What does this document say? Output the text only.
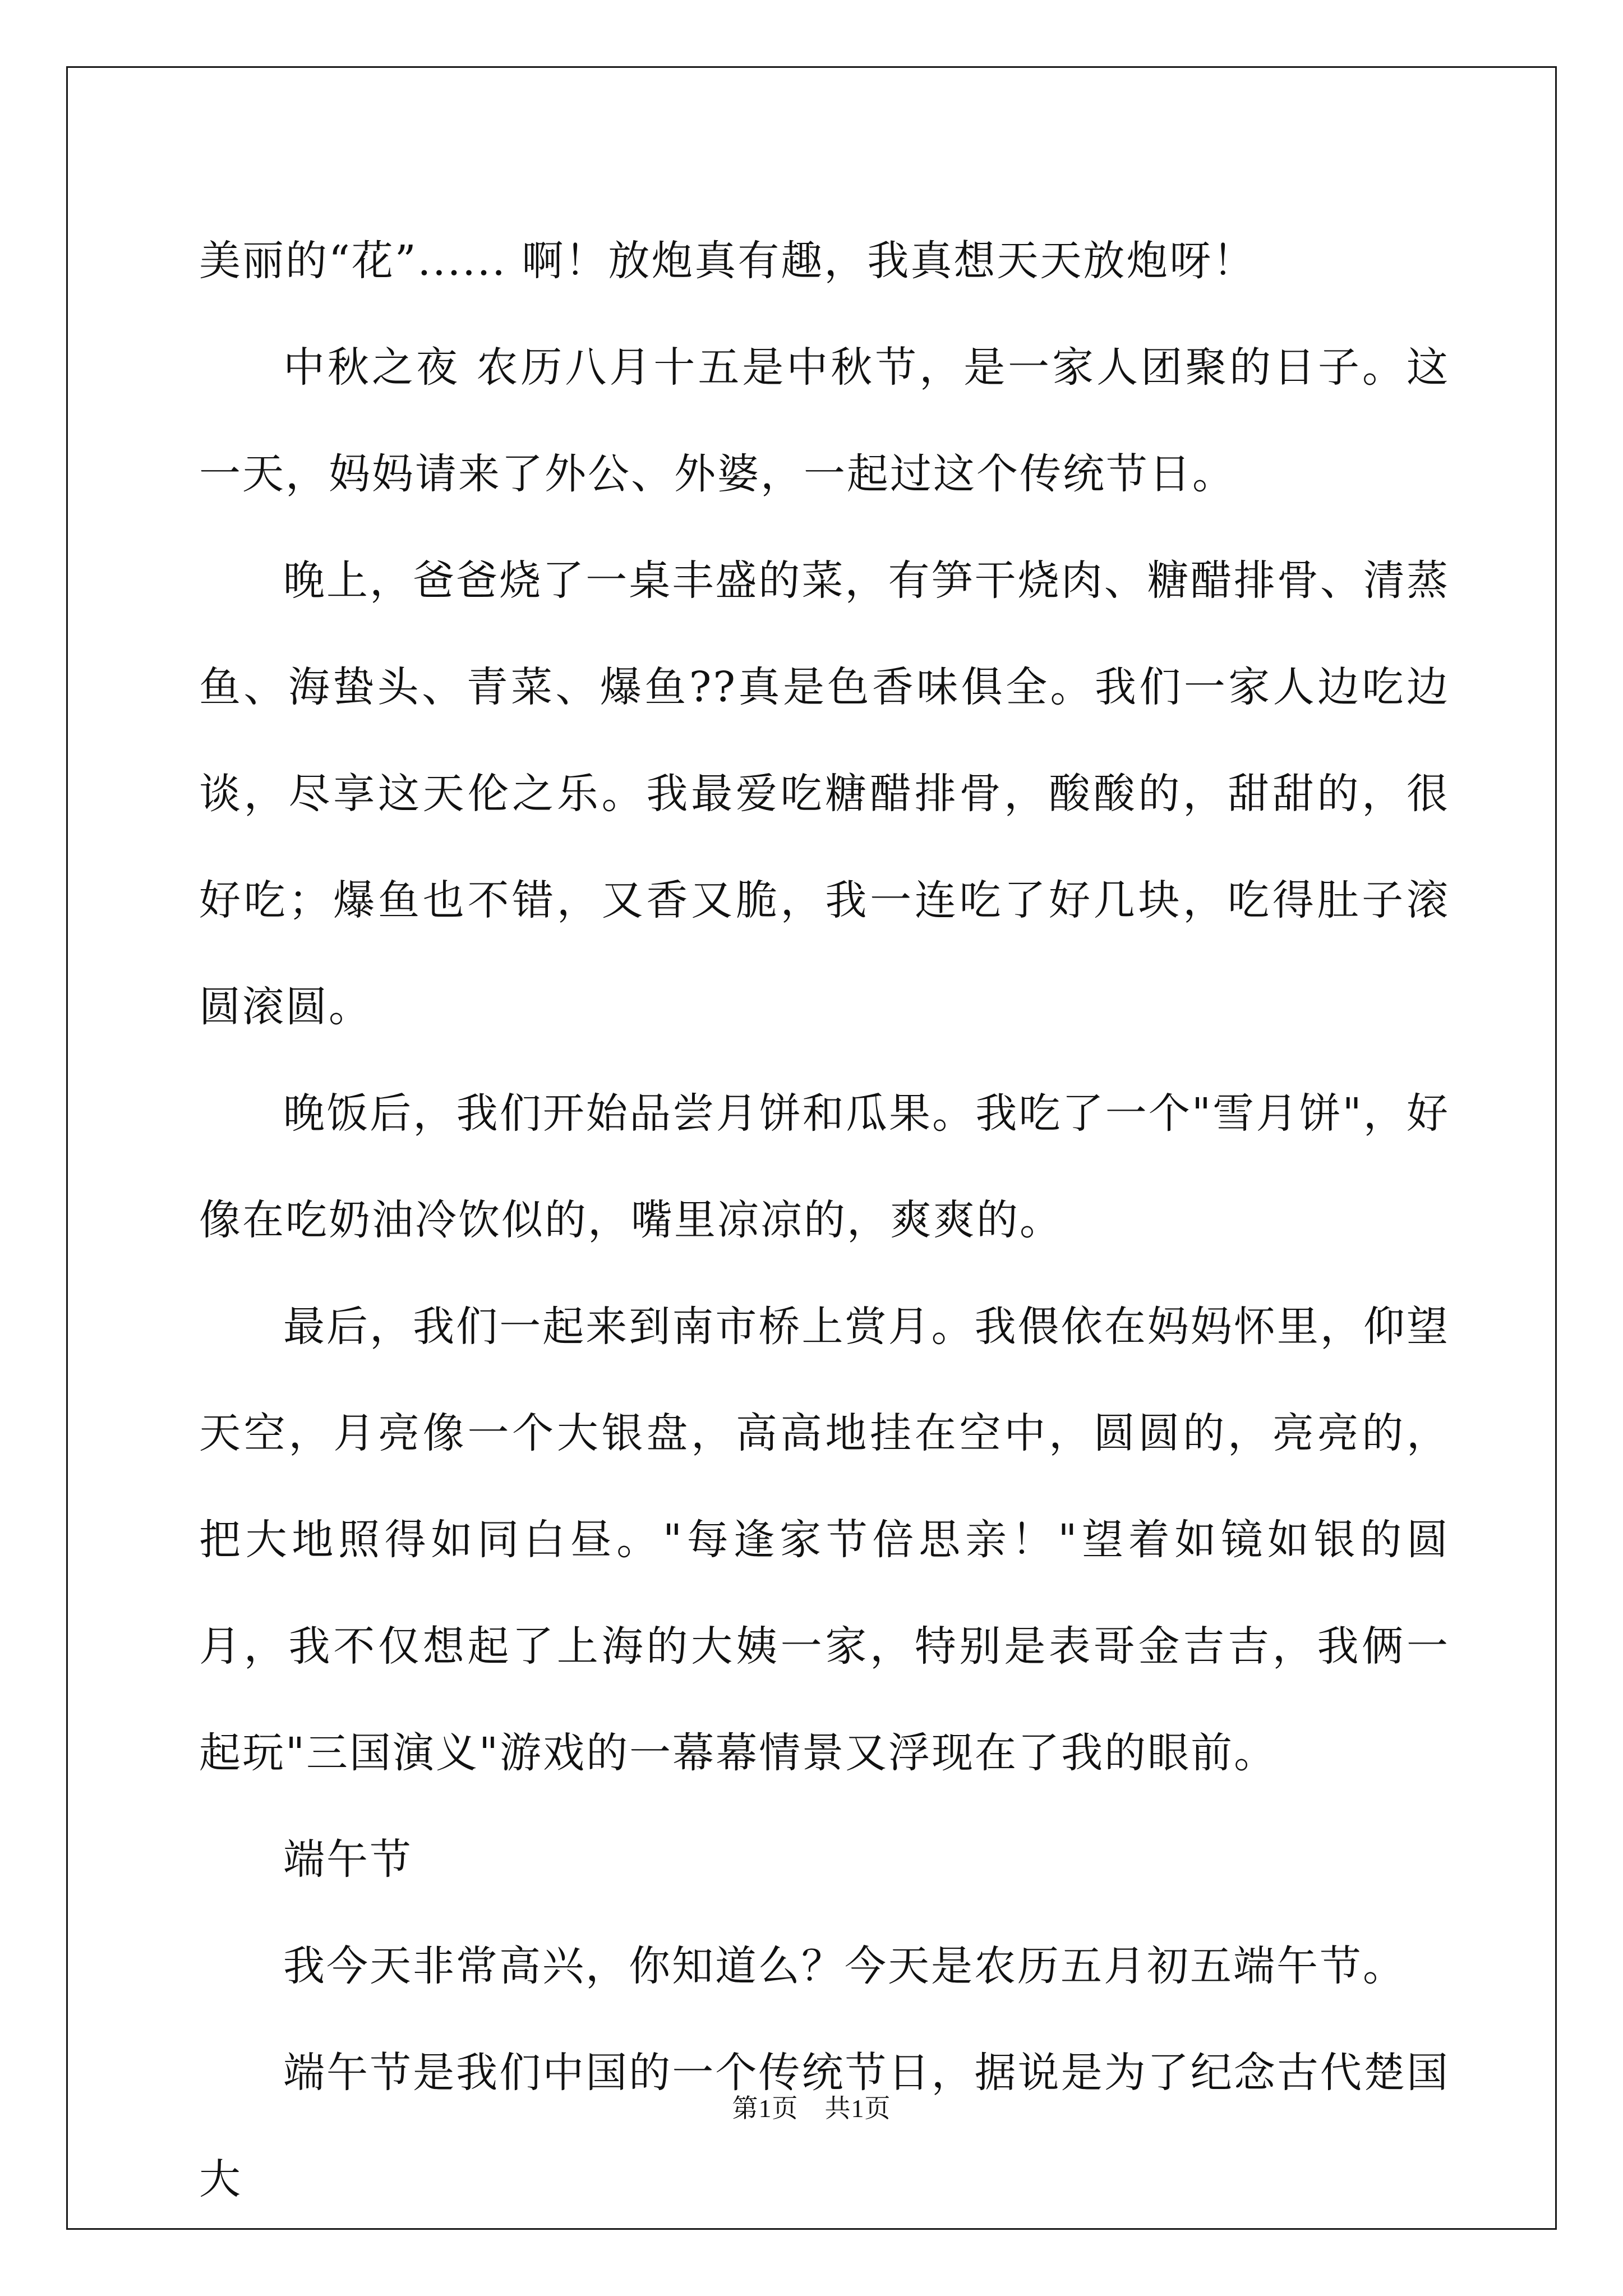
美丽的“花”...... 啊！放炮真有趣，我真想天天放炮呀！

中秋之夜 农历八月十五是中秋节，是一家人团聚的日子。这一天，妈妈请来了外公、外婆，一起过这个传统节日。

晚上，爸爸烧了一桌丰盛的菜，有笋干烧肉、糖醋排骨、清蒸鱼、海蛰头、青菜、爆鱼??真是色香味俱全。我们一家人边吃边谈，尽享这天伦之乐。我最爱吃糖醋排骨，酸酸的，甜甜的，很好吃；爆鱼也不错，又香又脆，我一连吃了好几块，吃得肚子滚圆滚圆。

晚饭后，我们开始品尝月饼和瓜果。我吃了一个"雪月饼"，好像在吃奶油冷饮似的，嘴里凉凉的，爽爽的。

最后，我们一起来到南市桥上赏月。我偎依在妈妈怀里，仰望天空，月亮像一个大银盘，高高地挂在空中，圆圆的，亮亮的，把大地照得如同白昼。"每逢家节倍思亲！"望着如镜如银的圆月，我不仅想起了上海的大姨一家，特别是表哥金吉吉，我俩一起玩"三国演义"游戏的一幕幕情景又浮现在了我的眼前。

端午节

我今天非常高兴，你知道么？今天是农历五月初五端午节。

端午节是我们中国的一个传统节日，据说是为了纪念古代楚国大

第1页　共1页
